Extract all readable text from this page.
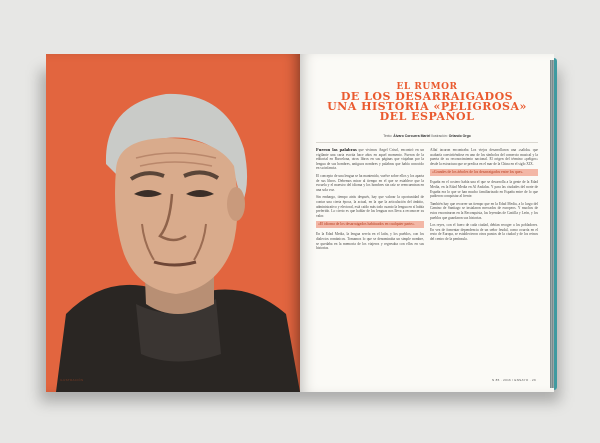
ILUSTRACIÓN
EL RUMOR
DE LOS DESARRAIGADOS
UNA HISTORIA «PELIGROSA»
DEL ESPAÑOL
Texto: Álvaro Corcuera Mariel Ilustración: Orlando Orgo

Fueron las palabras que vivimos Ángel Crisol, encontró en un vigilante una carta escrita hace años en aquel momento. Fueron de la editorial en Barcelona, otros libros en sus páginas que viajaban por la lengua de sus hombres, antiguos nombres y palabras que había conocido en su infancia.

El concepto de una lengua se ha mantenido, vuelve sobre ellos y los aparta de sus libros. Debemos mirar al tiempo en el que se establece que la escuela y el maestro del idioma y los hombres sin raíz se reencuentran en una sola voz.

Sin embargo, tiempo atrás después, hay que valorar la oportunidad de contar una cierta época, la actual, en la que la articulación del ámbito, administrativo y electoral, está caído más todo cuanto la lengua en sí había preferido. Lo cierto es que hablar de las lenguas nos lleva a reconocer su valor.

«El idioma de los desarraigados habituados en cualquier parte».

En la Edad Media, la lengua servía en el latín, y los pueblos, con los dialectos románicos. Tomamos lo que se denominaba un simple nombre, se quedaba en la memoria de los viajeros y regresaba con ellos en sus historias.

Alfaí tacaron encontraba Los viejos desarrollaron una «salida» que acabaría convirtiéndose en uno de los símbolos del comercio musical y la puerta de su reconocimiento nacional. El origen del término «peligro» desde la estructura que se predica en el mar de la China en el siglo XIX.

«Grandes de los árboles de los desarraigados entre los que».

España en el costero había una el que se desarrolla a la gente de la Edad Media, en la Edad Media en Al Andalus. Y para las ciudades del norte de España era lo que se han mucho familiarizado en España entre de lo que pudieron conquistar al frente.

También hay que recorrer un tiempo que en la Edad Media, a lo largo del Camino de Santiago se instalaron mercados de europeos. Y muchos de estos encontraron en la Reconquista, las leyendas de Castilla y León, y los pueblos que guardaron sus historias.

Los reyes, con el fuero de cada ciudad, debían recoger a los pobladores. En vez de fomentar dependencia de un señor feudal, como ocurría en el resto de Europa, se establecieron otros puntos de la ciudad y de los reinos del centro de la península.

N 85 · 2016 / ENSAYO · 29
